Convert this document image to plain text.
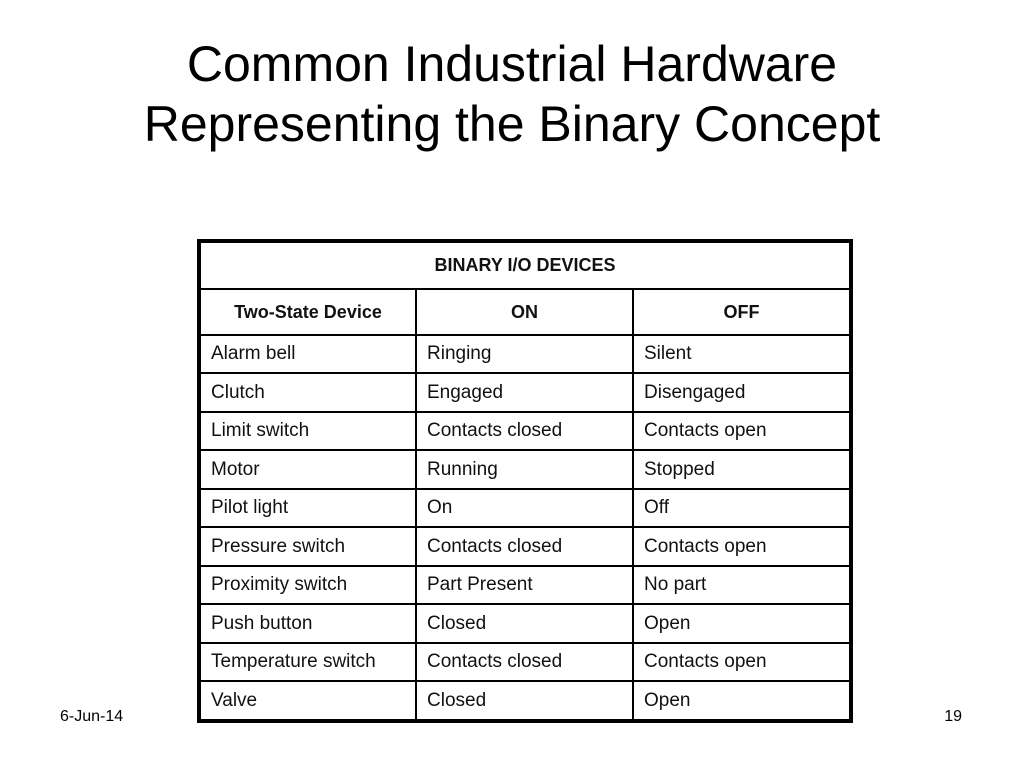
Common Industrial Hardware
Representing the Binary Concept
BINARY I/O DEVICES		
Two-State Device	ON	OFF
Alarm bell	Ringing	Silent
Clutch	Engaged	Disengaged
Limit switch	Contacts closed	Contacts open
Motor	Running	Stopped
Pilot light	On	Off
Pressure switch	Contacts closed	Contacts open
Proximity switch	Part Present	No part
Push button	Closed	Open
Temperature switch	Contacts closed	Contacts open
Valve	Closed	Open
6-Jun-14	19
